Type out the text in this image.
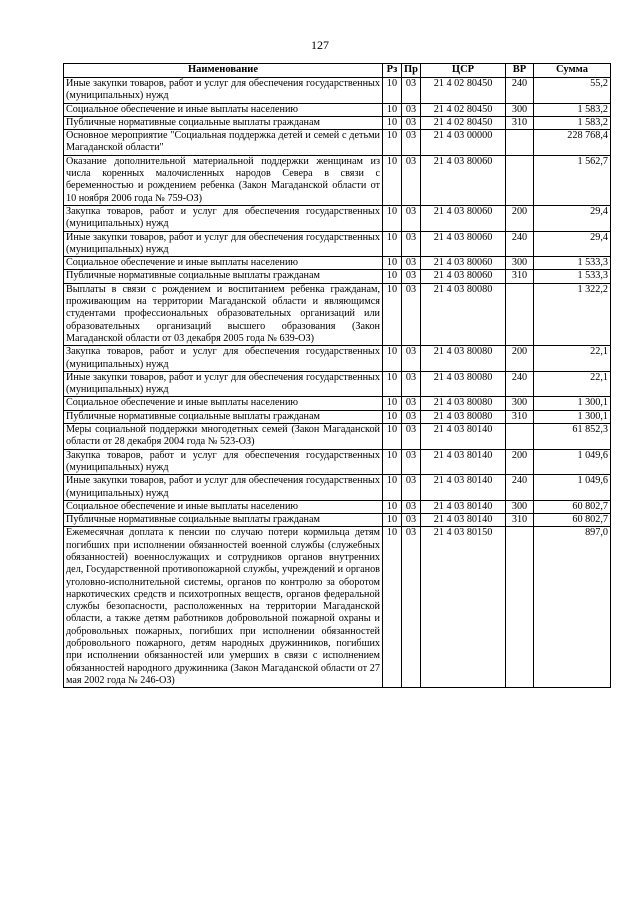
127
Наименование	Рз	Пр	ЦСР	ВР	Сумма
Иные закупки товаров, работ и услуг для обеспечения государственных (муниципальных) нужд	10	03	21 4 02 80450	240	55,2
Социальное обеспечение и иные выплаты населению	10	03	21 4 02 80450	300	1 583,2
Публичные нормативные социальные выплаты гражданам	10	03	21 4 02 80450	310	1 583,2
Основное мероприятие "Социальная поддержка детей и семей с детьми Магаданской области"	10	03	21 4 03 00000		228 768,4
Оказание дополнительной материальной поддержки женщинам из числа коренных малочисленных народов Севера в связи с беременностью и рождением ребенка (Закон Магаданской области от 10 ноября 2006 года № 759-ОЗ)	10	03	21 4 03 80060		1 562,7
Закупка товаров, работ и услуг для обеспечения государственных (муниципальных) нужд	10	03	21 4 03 80060	200	29,4
Иные закупки товаров, работ и услуг для обеспечения государственных (муниципальных) нужд	10	03	21 4 03 80060	240	29,4
Социальное обеспечение и иные выплаты населению	10	03	21 4 03 80060	300	1 533,3
Публичные нормативные социальные выплаты гражданам	10	03	21 4 03 80060	310	1 533,3
Выплаты в связи с рождением и воспитанием ребенка гражданам, проживающим на территории Магаданской области и являющимся студентами профессиональных образовательных организаций или образовательных организаций высшего образования (Закон Магаданской области от 03 декабря 2005 года № 639-ОЗ)	10	03	21 4 03 80080		1 322,2
Закупка товаров, работ и услуг для обеспечения государственных (муниципальных) нужд	10	03	21 4 03 80080	200	22,1
Иные закупки товаров, работ и услуг для обеспечения государственных (муниципальных) нужд	10	03	21 4 03 80080	240	22,1
Социальное обеспечение и иные выплаты населению	10	03	21 4 03 80080	300	1 300,1
Публичные нормативные социальные выплаты гражданам	10	03	21 4 03 80080	310	1 300,1
Меры социальной поддержки многодетных семей (Закон Магаданской области от 28 декабря 2004 года № 523-ОЗ)	10	03	21 4 03 80140		61 852,3
Закупка товаров, работ и услуг для обеспечения государственных (муниципальных) нужд	10	03	21 4 03 80140	200	1 049,6
Иные закупки товаров, работ и услуг для обеспечения государственных (муниципальных) нужд	10	03	21 4 03 80140	240	1 049,6
Социальное обеспечение и иные выплаты населению	10	03	21 4 03 80140	300	60 802,7
Публичные нормативные социальные выплаты гражданам	10	03	21 4 03 80140	310	60 802,7
Ежемесячная доплата к пенсии по случаю потери кормильца детям погибших при исполнении обязанностей военной службы (служебных обязанностей) военнослужащих и сотрудников органов внутренних дел, Государственной противопожарной службы, учреждений и органов уголовно-исполнительной системы, органов по контролю за оборотом наркотических средств и психотропных веществ, органов федеральной службы безопасности, расположенных на территории Магаданской области, а также детям работников добровольной пожарной охраны и добровольных пожарных, погибших при исполнении обязанностей добровольного пожарного, детям народных дружинников, погибших при исполнении обязанностей или умерших в связи с исполнением обязанностей народного дружинника (Закон Магаданской области от 27 мая 2002 года № 246-ОЗ)	10	03	21 4 03 80150		897,0
